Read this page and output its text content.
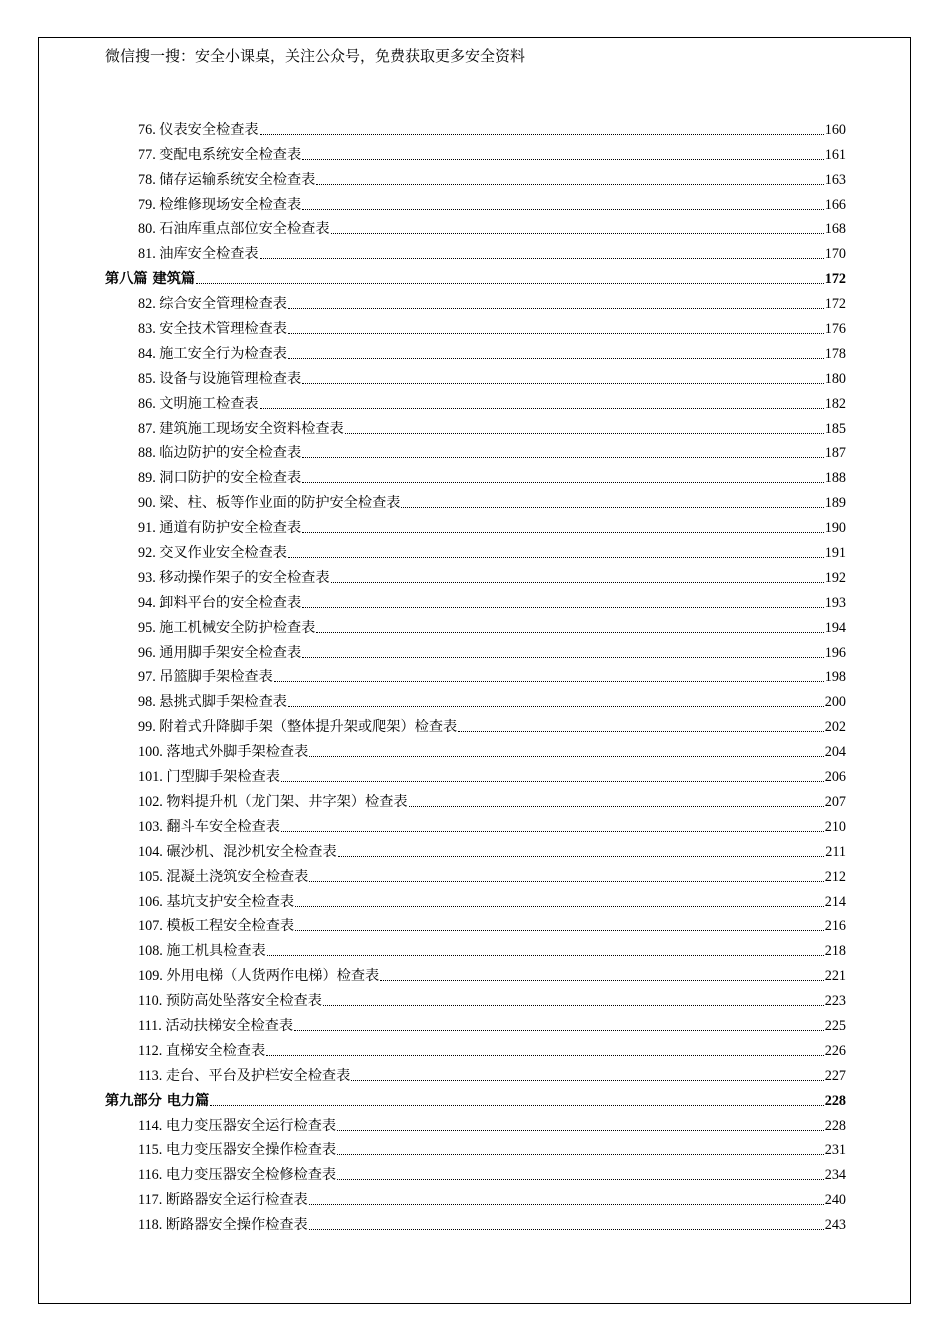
微信搜一搜：安全小课桌，关注公众号，免费获取更多安全资料
76. 仪表安全检查表	160
77. 变配电系统安全检查表	161
78. 储存运输系统安全检查表	163
79. 检维修现场安全检查表	166
80. 石油库重点部位安全检查表	168
81. 油库安全检查表	170
第八篇 建筑篇	172
82. 综合安全管理检查表	172
83. 安全技术管理检查表	176
84. 施工安全行为检查表	178
85. 设备与设施管理检查表	180
86. 文明施工检查表	182
87. 建筑施工现场安全资料检查表	185
88. 临边防护的安全检查表	187
89. 洞口防护的安全检查表	188
90. 梁、柱、板等作业面的防护安全检查表	189
91. 通道有防护安全检查表	190
92. 交叉作业安全检查表	191
93. 移动操作架子的安全检查表	192
94. 卸料平台的安全检查表	193
95. 施工机械安全防护检查表	194
96. 通用脚手架安全检查表	196
97. 吊篮脚手架检查表	198
98. 悬挑式脚手架检查表	200
99. 附着式升降脚手架（整体提升架或爬架）检查表	202
100. 落地式外脚手架检查表	204
101. 门型脚手架检查表	206
102. 物料提升机（龙门架、井字架）检查表	207
103. 翻斗车安全检查表	210
104. 碾沙机、混沙机安全检查表	211
105. 混凝土浇筑安全检查表	212
106. 基坑支护安全检查表	214
107. 模板工程安全检查表	216
108. 施工机具检查表	218
109. 外用电梯（人货两作电梯）检查表	221
110. 预防高处坠落安全检查表	223
111. 活动扶梯安全检查表	225
112. 直梯安全检查表	226
113. 走台、平台及护栏安全检查表	227
第九部分 电力篇	228
114. 电力变压器安全运行检查表	228
115. 电力变压器安全操作检查表	231
116. 电力变压器安全检修检查表	234
117. 断路器安全运行检查表	240
118. 断路器安全操作检查表	243
